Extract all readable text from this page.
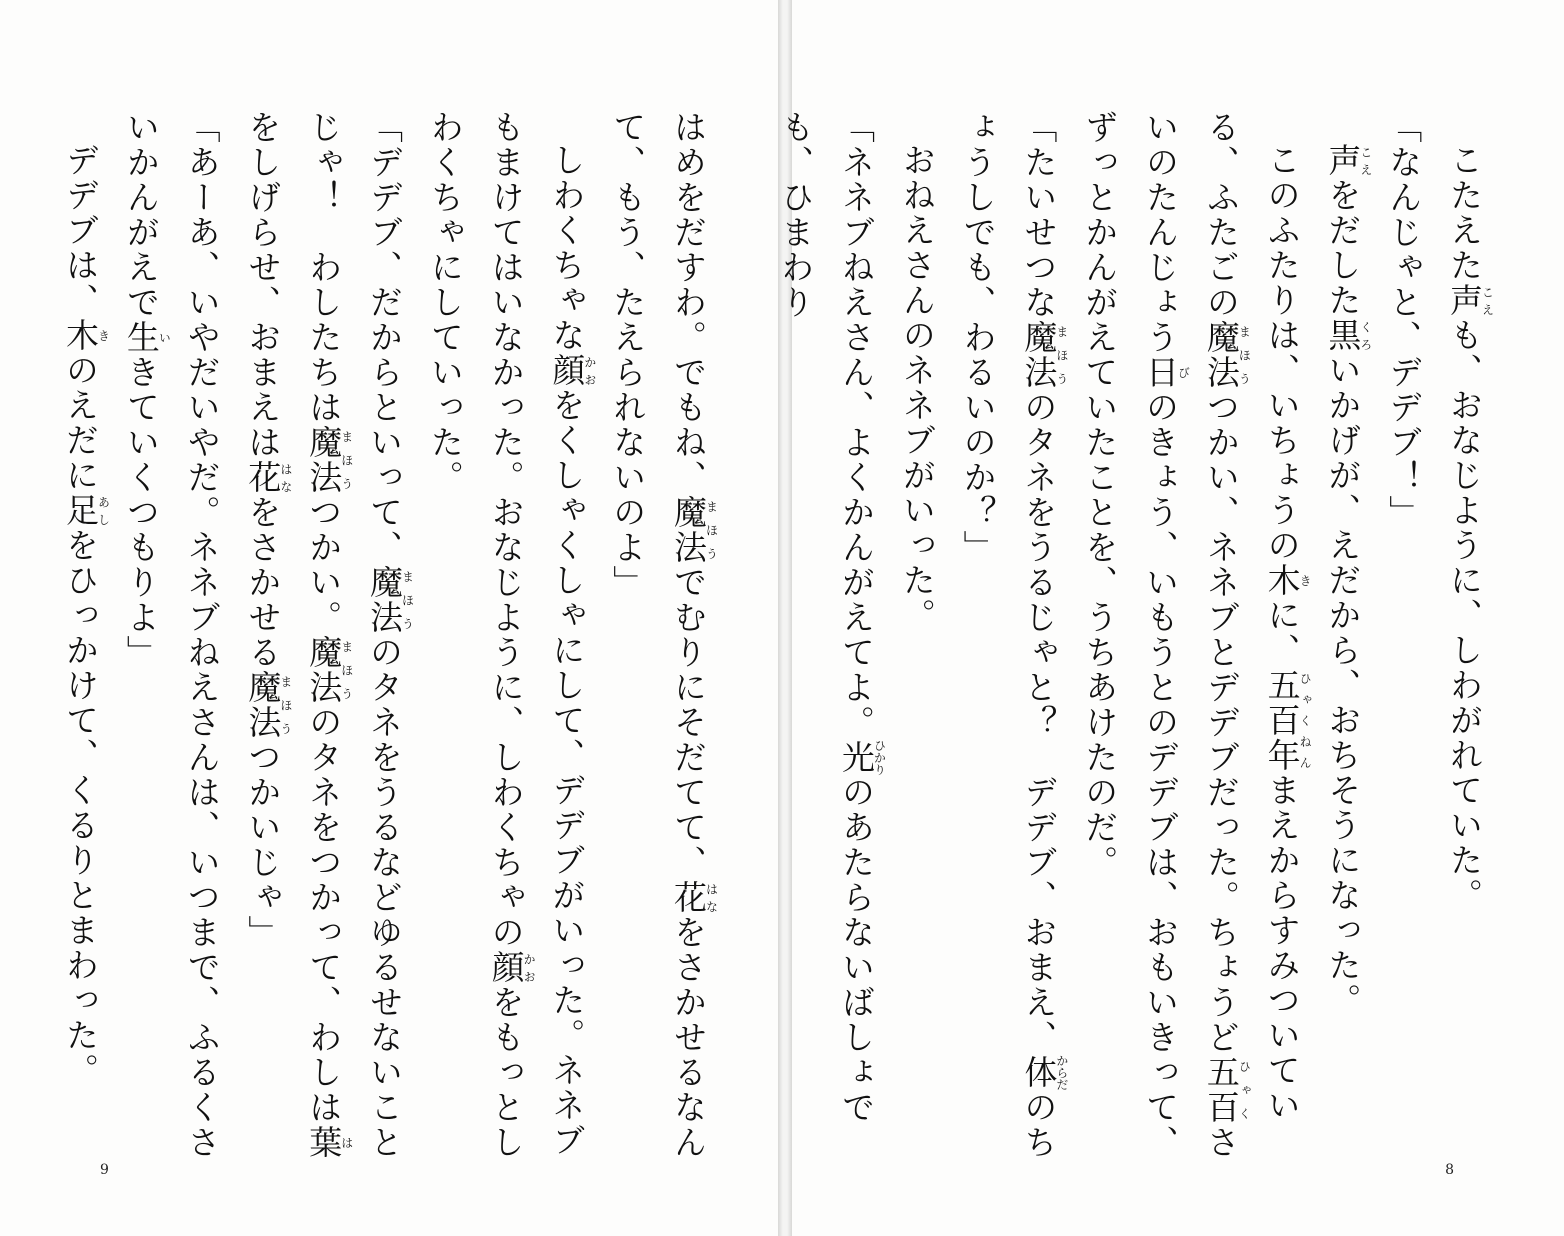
はめをだすわ。でもね、魔法まほうでむりにそだてて、花はなをさかせるなんて、もう、たえられないのよ」

しわくちゃな顔かおをくしゃくしゃにして、デデブがいった。ネネブもまけてはいなかった。おなじように、しわくちゃの顔かおをもっとしわくちゃにしていった。

「デデブ、だからといって、魔法まほうのタネをうるなどゆるせないことじゃ！　わしたちは魔法まほうつかい。魔法まほうのタネをつかって、わしは葉はをしげらせ、おまえは花はなをさかせる魔法まほうつかいじゃ」

「あーあ、いやだいやだ。ネネブねえさんは、いつまで、ふるくさいかんがえで生いきていくつもりよ」

デデブは、木きのえだに足あしをひっかけて、くるりとまわった。

9

こたえた声こえも、おなじように、しわがれていた。

「なんじゃと、デデブ！」

声こえをだした黒くろいかげが、えだから、おちそうになった。

このふたりは、いちょうの木きに、五百年ひゃくねんまえからすみついている、ふたごの魔法まほうつかい、ネネブとデデブだった。ちょうど五百ひゃくさいのたんじょう日びのきょう、いもうとのデデブは、おもいきって、ずっとかんがえていたことを、うちあけたのだ。

「たいせつな魔法まほうのタネをうるじゃと？　デデブ、おまえ、体からだのちょうしでも、わるいのか？」

おねえさんのネネブがいった。

「ネネブねえさん、よくかんがえてよ。光ひかりのあたらないばしょでも、ひまわり

8
